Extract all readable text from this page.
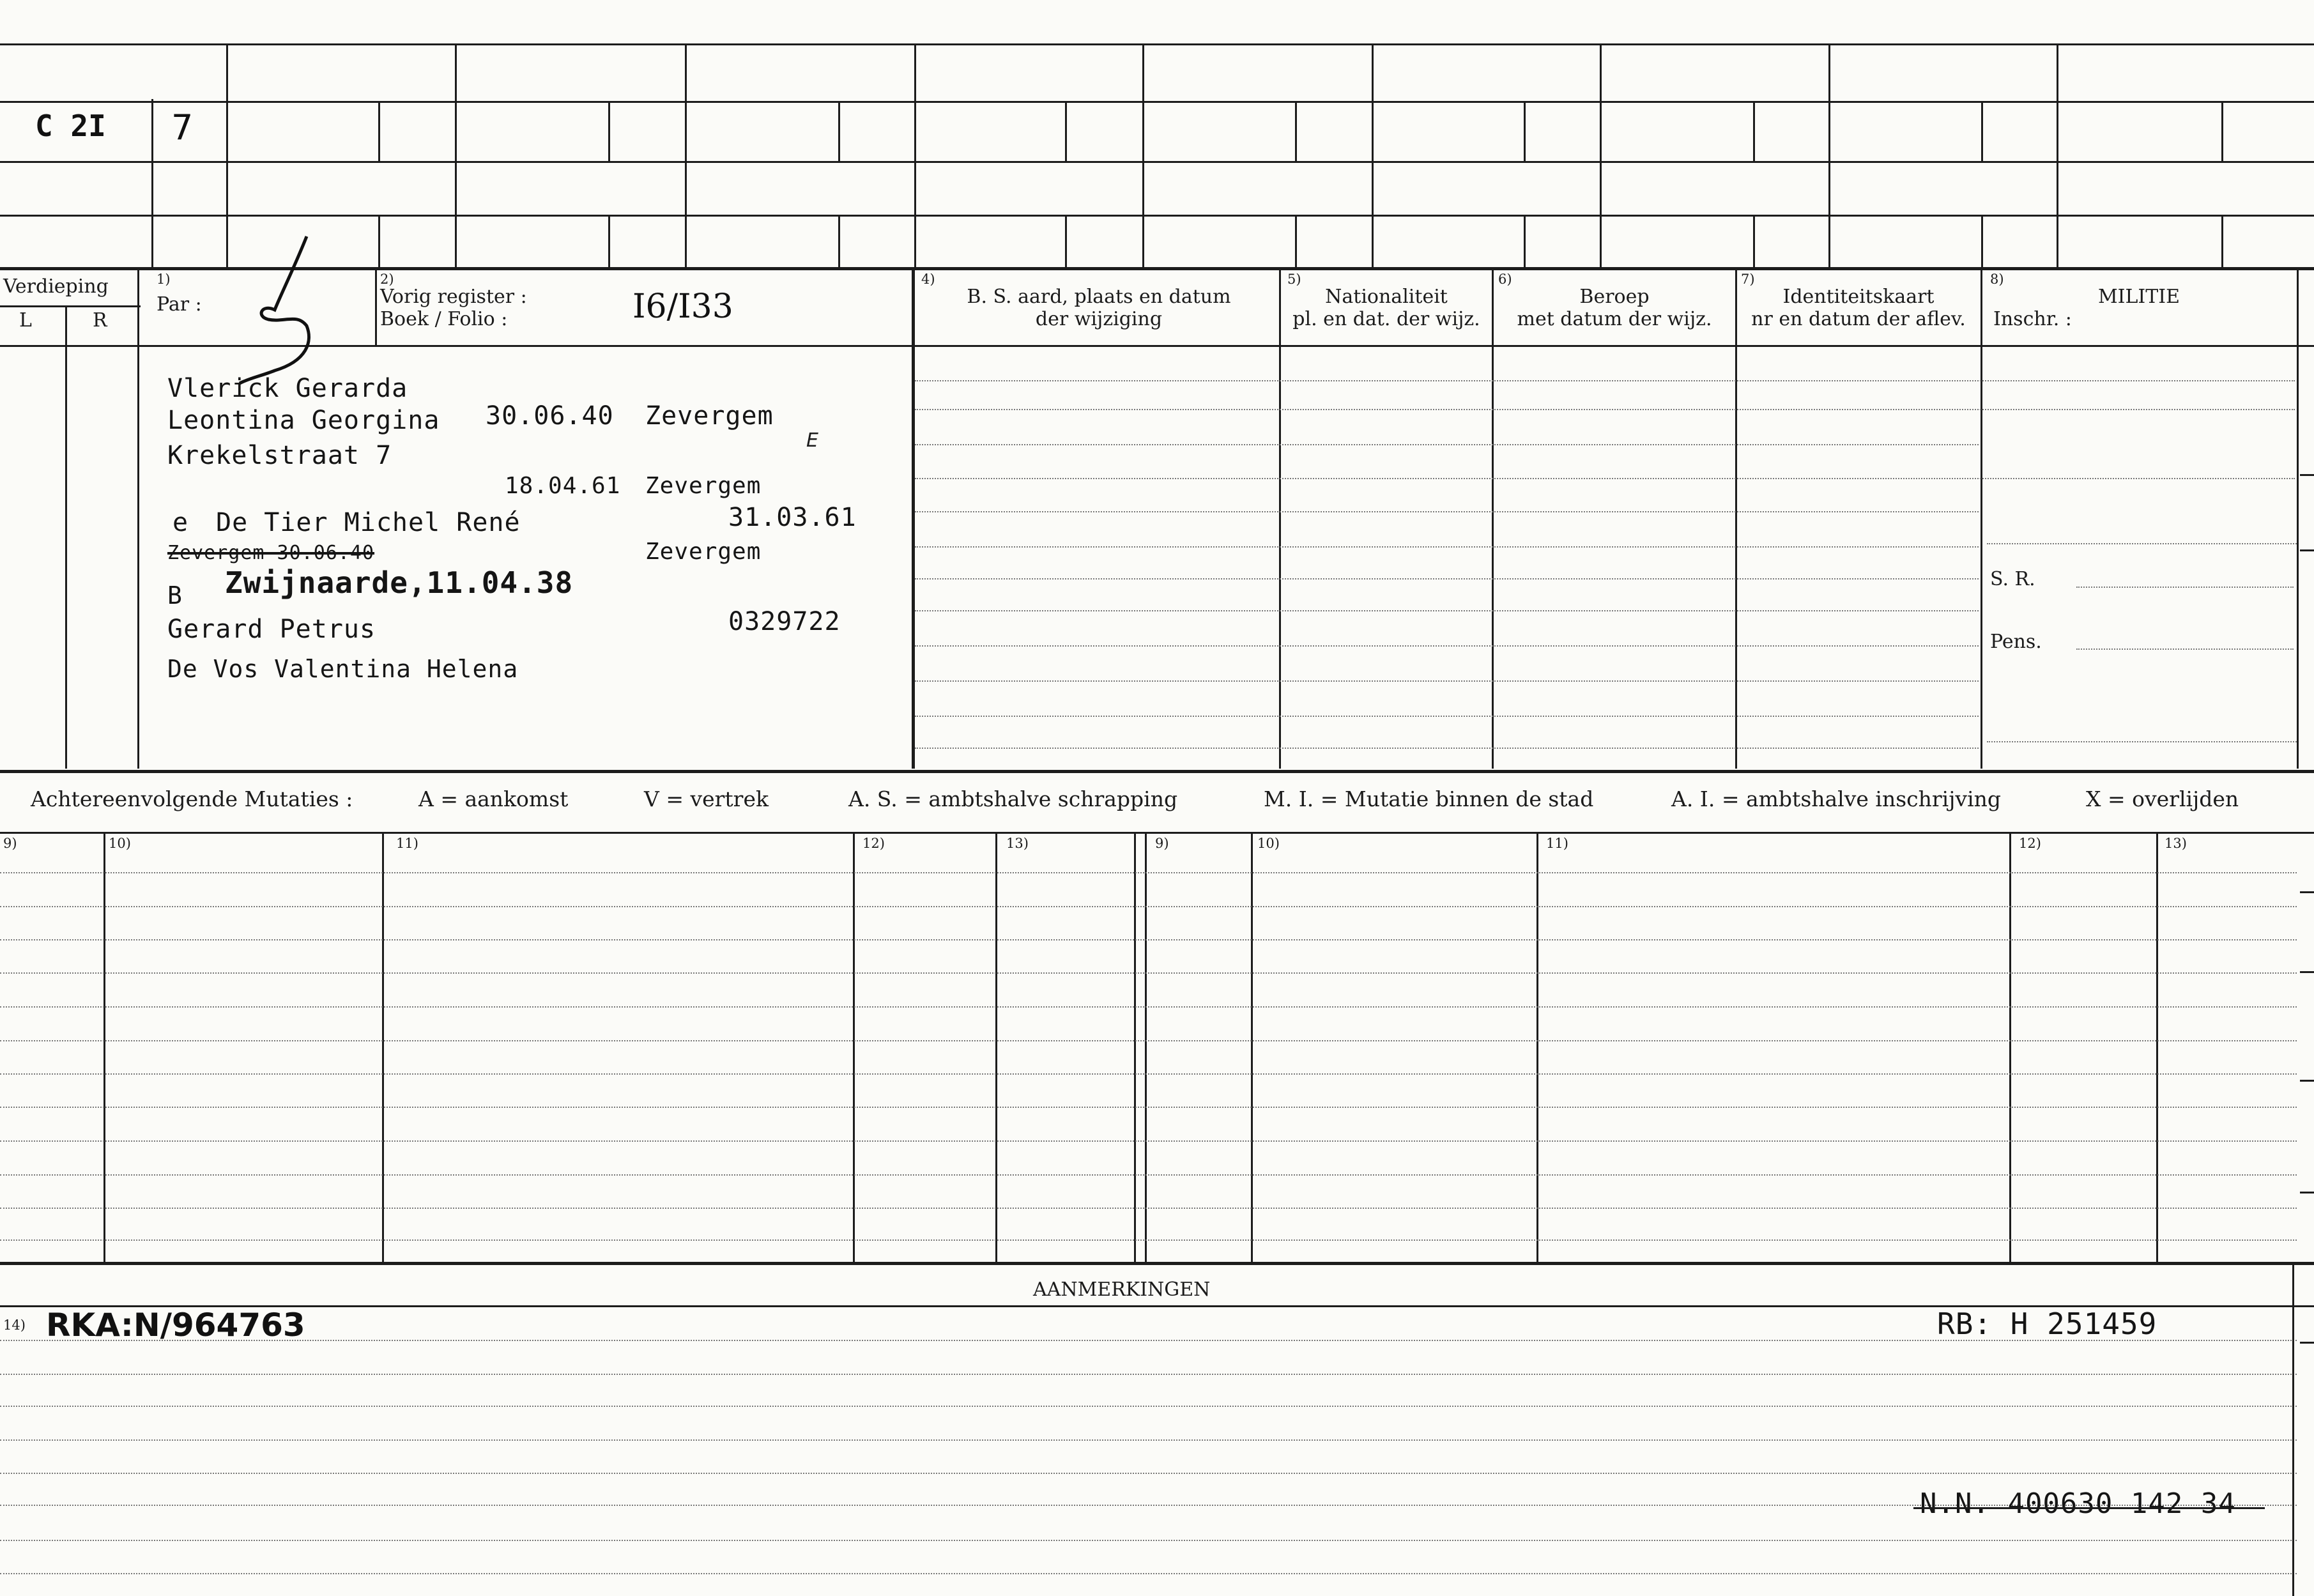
C 2I 7
Verdieping
L	R
1)
Par :
2)
Vorig register :
Boek / Folio :	I6/I33
4)
B. S. aard, plaats en datum
der wijziging
5)
Nationaliteit
pl. en dat. der wijz.
6)
Beroep
met datum der wijz.
7)
Identiteitskaart
nr en datum der aflev.
8)
MILITIE
Inschr. :
S. R.
Pens.
Vlerick Gerarda
Leontina Georgina 30.06.40 Zevergem
Krekelstraat 7
E
18.04.61 Zevergem
e De Tier Michel René	31.03.61
Zevergem 30.06.40	Zevergem
B Zwijnaarde,11.04.38
Gerard Petrus	0329722
De Vos Valentina Helena
Achtereenvolgende Mutaties :	A = aankomst	V = vertrek	A. S. = ambtshalve schrapping	M. I. = Mutatie binnen de stad	A. I. = ambtshalve inschrijving	X = overlijden
9)	10)	11)	12)	13)	9)	10)	11)	12)	13)
AANMERKINGEN
14) RKA:N/964763	RB: H 251459
N.N. 400630 142 34
